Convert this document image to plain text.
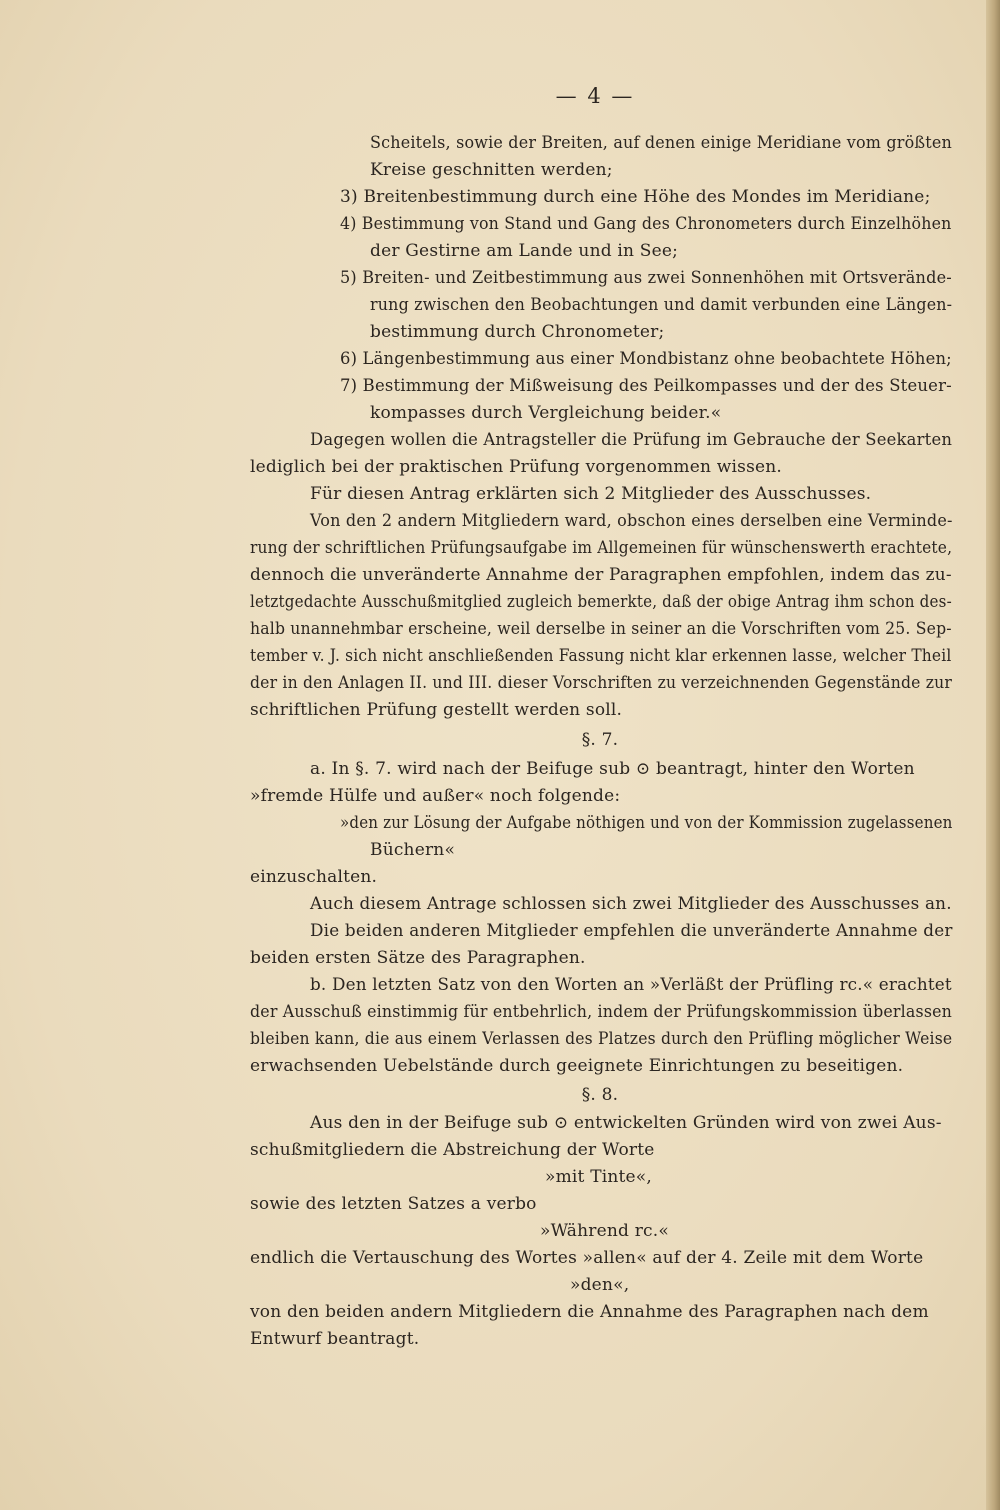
— 4 —
Scheitels, sowie der Breiten, auf denen einige Meridiane vom größten
Kreise geschnitten werden;
3) Breitenbestimmung durch eine Höhe des Mondes im Meridiane;
4) Bestimmung von Stand und Gang des Chronometers durch Einzelhöhen
der Gestirne am Lande und in See;
5) Breiten- und Zeitbestimmung aus zwei Sonnenhöhen mit Ortsverände-
rung zwischen den Beobachtungen und damit verbunden eine Längen-
bestimmung durch Chronometer;
6) Längenbestimmung aus einer Mondbistanz ohne beobachtete Höhen;
7) Bestimmung der Mißweisung des Peilkompasses und der des Steuer-
kompasses durch Vergleichung beider.«
Dagegen wollen die Antragsteller die Prüfung im Gebrauche der Seekarten
lediglich bei der praktischen Prüfung vorgenommen wissen.
Für diesen Antrag erklärten sich 2 Mitglieder des Ausschusses.
Von den 2 andern Mitgliedern ward, obschon eines derselben eine Verminde-
rung der schriftlichen Prüfungsaufgabe im Allgemeinen für wünschenswerth erachtete,
dennoch die unveränderte Annahme der Paragraphen empfohlen, indem das zu-
letztgedachte Ausschußmitglied zugleich bemerkte, daß der obige Antrag ihm schon des-
halb unannehmbar erscheine, weil derselbe in seiner an die Vorschriften vom 25. Sep-
tember v. J. sich nicht anschließenden Fassung nicht klar erkennen lasse, welcher Theil
der in den Anlagen II. und III. dieser Vorschriften zu verzeichnenden Gegenstände zur
schriftlichen Prüfung gestellt werden soll.
§. 7.
a. In §. 7. wird nach der Beifuge sub ⊙ beantragt, hinter den Worten
»fremde Hülfe und außer« noch folgende:
»den zur Lösung der Aufgabe nöthigen und von der Kommission zugelassenen
Büchern«
einzuschalten.
Auch diesem Antrage schlossen sich zwei Mitglieder des Ausschusses an.
Die beiden anderen Mitglieder empfehlen die unveränderte Annahme der
beiden ersten Sätze des Paragraphen.
b. Den letzten Satz von den Worten an »Verläßt der Prüfling rc.« erachtet
der Ausschuß einstimmig für entbehrlich, indem der Prüfungskommission überlassen
bleiben kann, die aus einem Verlassen des Platzes durch den Prüfling möglicher Weise
erwachsenden Uebelstände durch geeignete Einrichtungen zu beseitigen.
§. 8.
Aus den in der Beifuge sub ⊙ entwickelten Gründen wird von zwei Aus-
schußmitgliedern die Abstreichung der Worte
»mit Tinte«,
sowie des letzten Satzes a verbo
»Während rc.«
endlich die Vertauschung des Wortes »allen« auf der 4. Zeile mit dem Worte
»den«,
von den beiden andern Mitgliedern die Annahme des Paragraphen nach dem
Entwurf beantragt.
